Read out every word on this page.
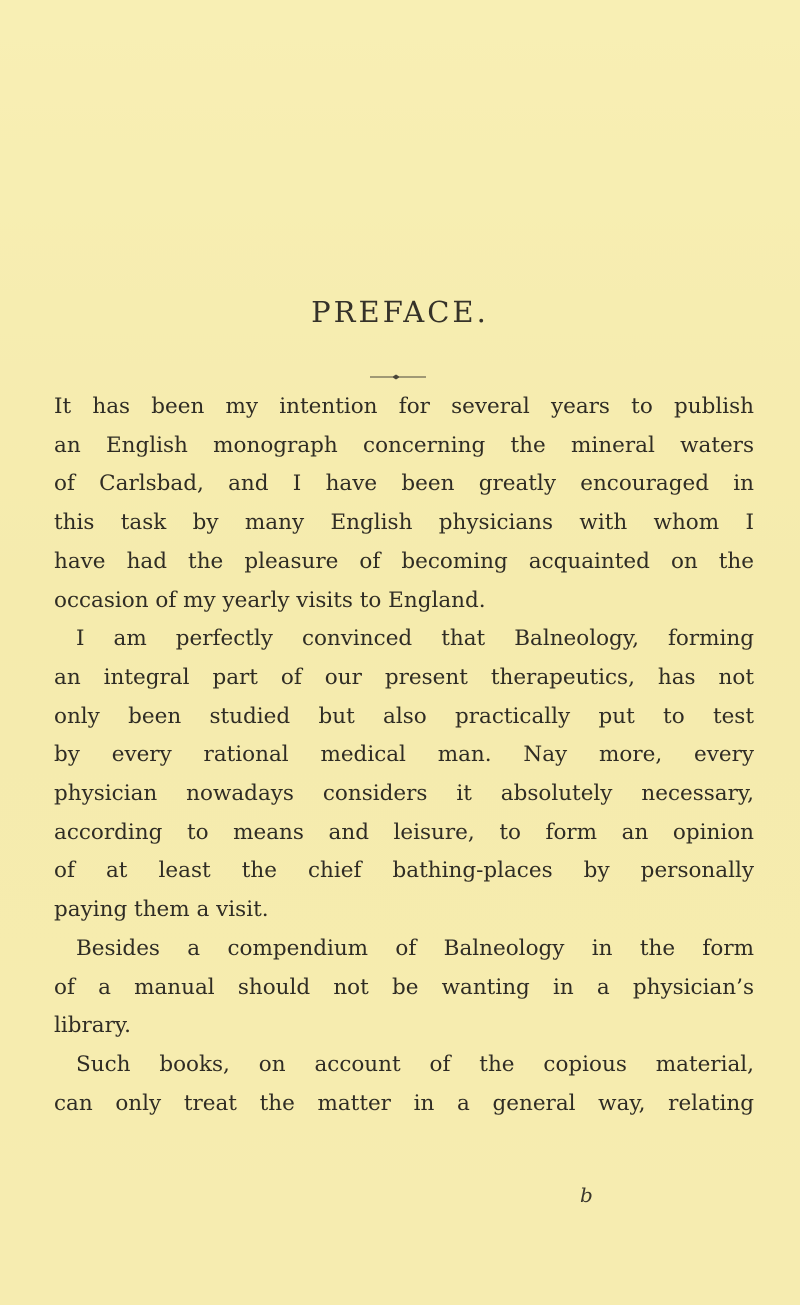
PREFACE.
It has been my intention for several years to publish
an English monograph concerning the mineral waters
of Carlsbad, and I have been greatly encouraged in
this task by many English physicians with whom I
have had the pleasure of becoming acquainted on the
occasion of my yearly visits to England.
I am perfectly convinced that Balneology, forming
an integral part of our present therapeutics, has not
only been studied but also practically put to test
by every rational medical man. Nay more, every
physician nowadays considers it absolutely necessary,
according to means and leisure, to form an opinion
of at least the chief bathing-places by personally
paying them a visit.
Besides a compendium of Balneology in the form
of a manual should not be wanting in a physician’s
library.
Such books, on account of the copious material,
can only treat the matter in a general way, relating
b
